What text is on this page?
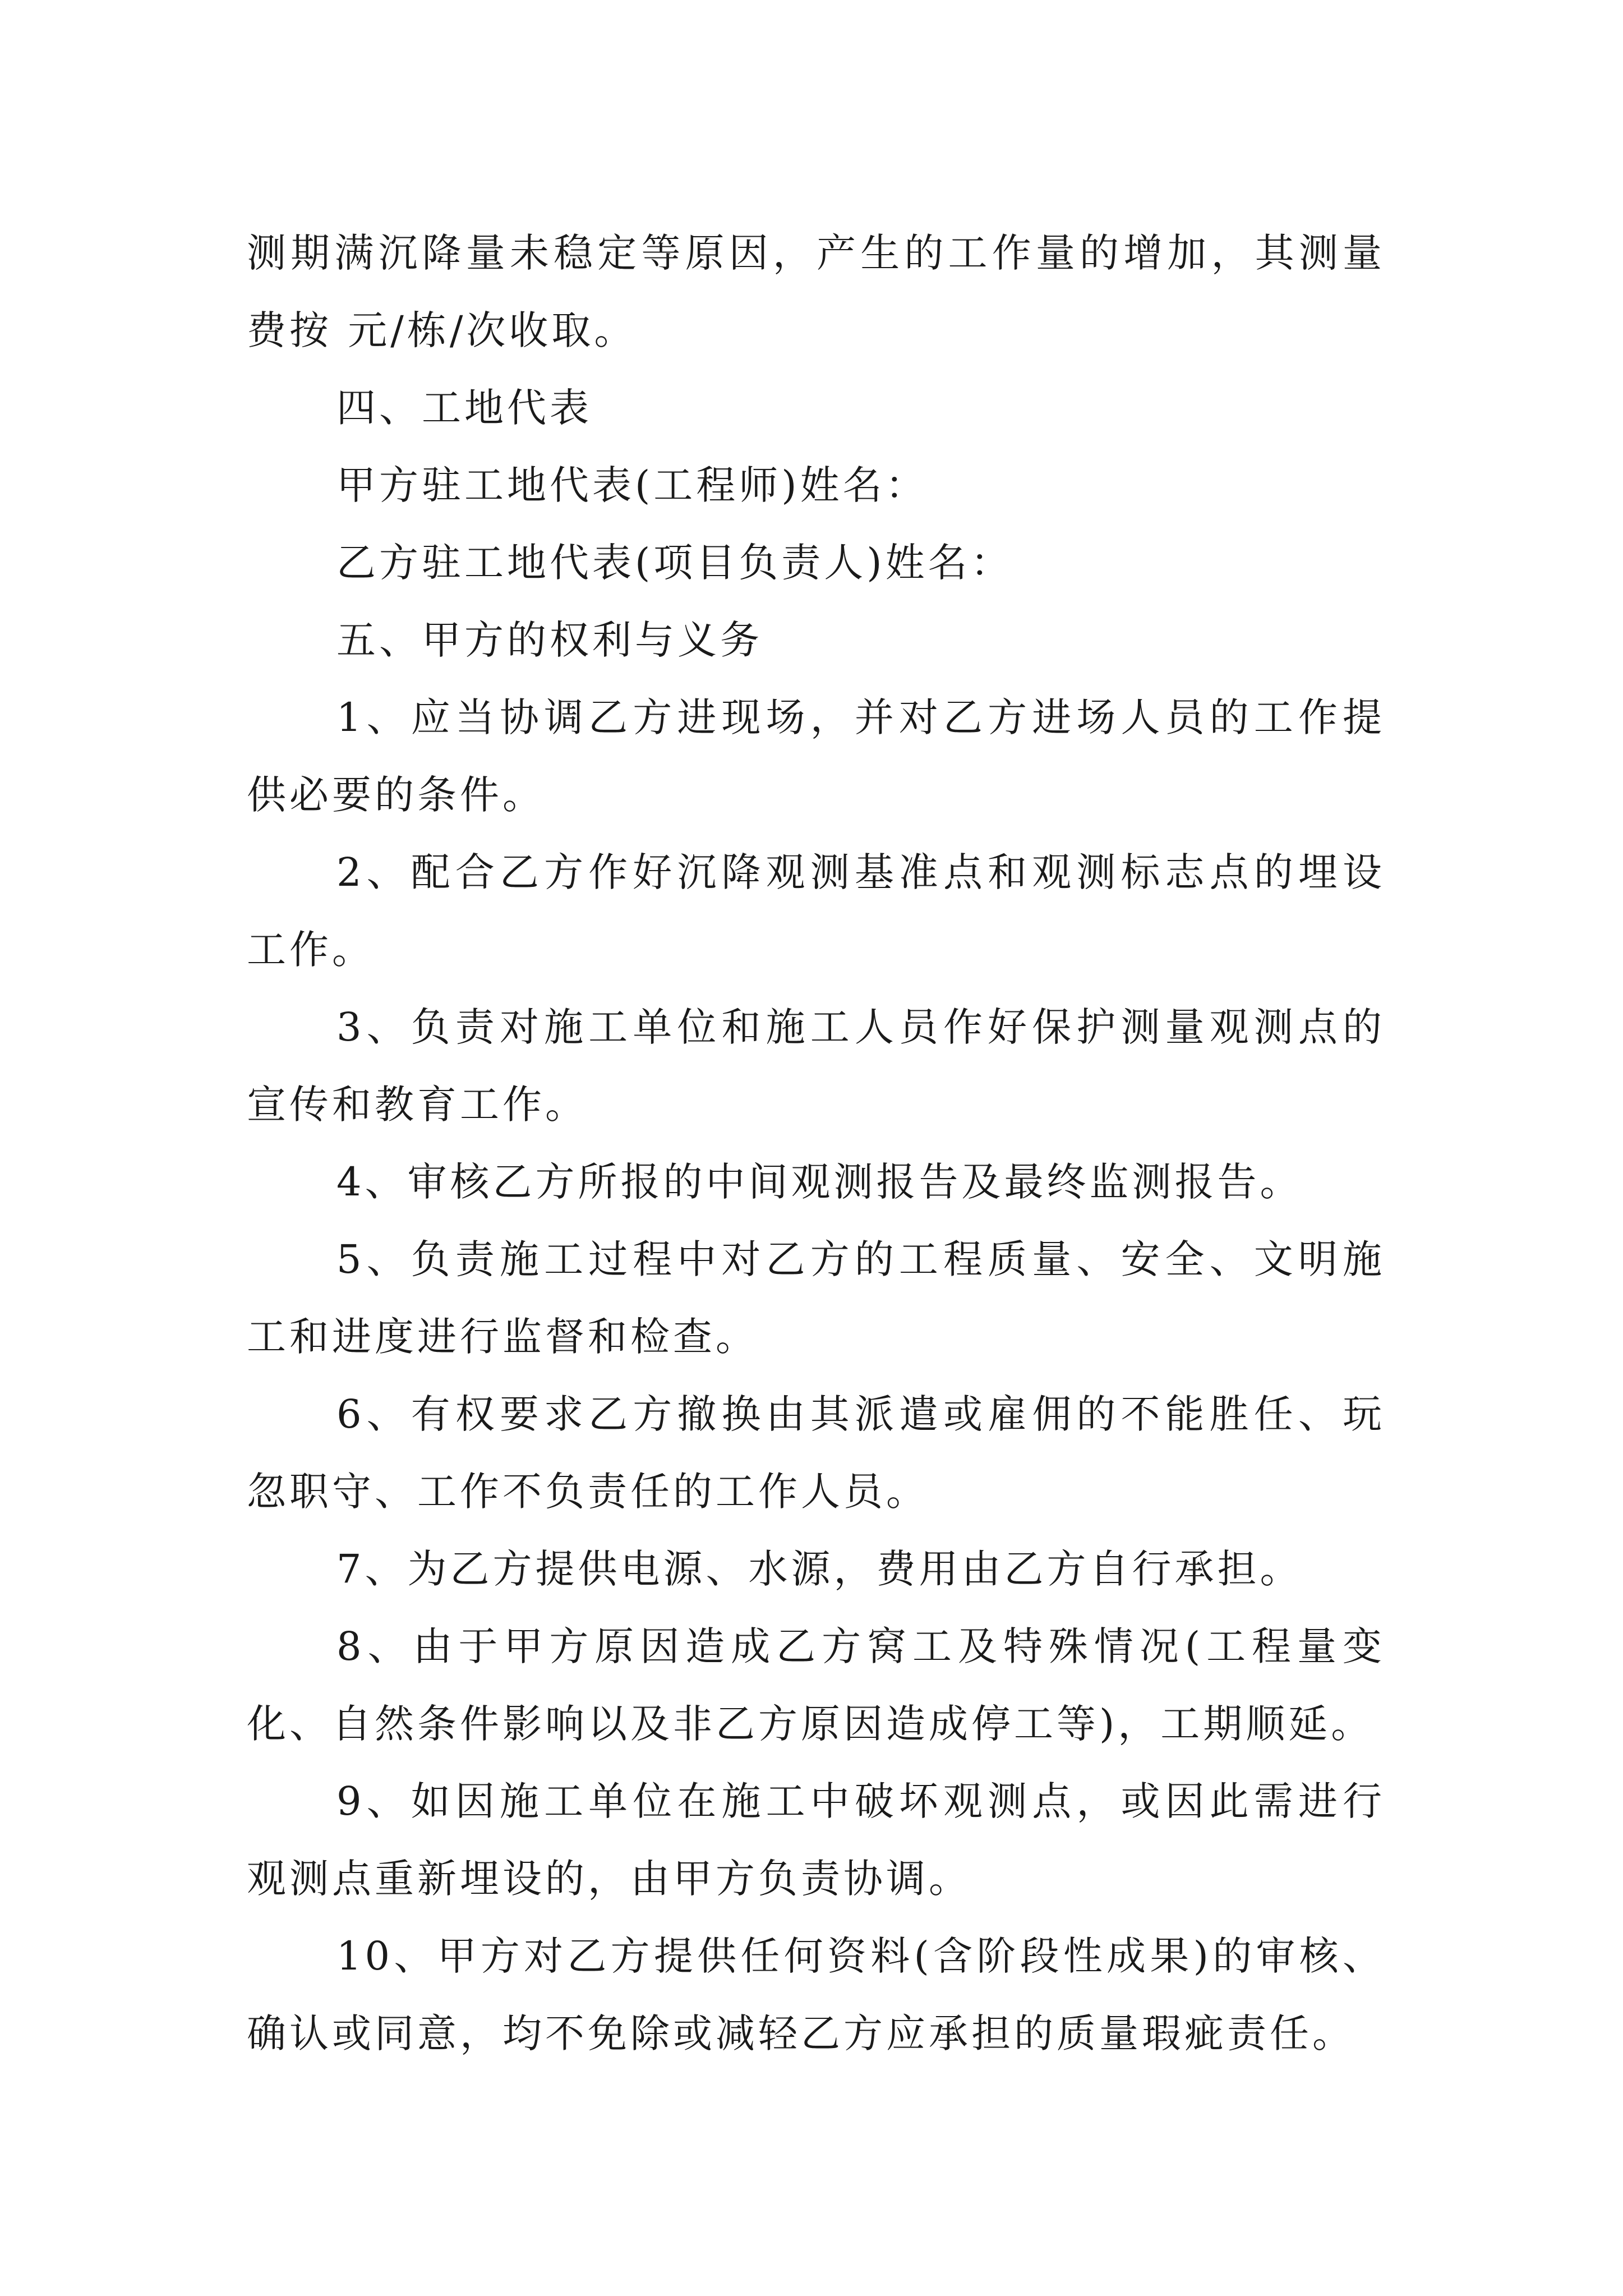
测期满沉降量未稳定等原因，产生的工作量的增加，其测量费按 元/栋/次收取。

四、工地代表

甲方驻工地代表(工程师)姓名：

乙方驻工地代表(项目负责人)姓名：

五、甲方的权利与义务

1、应当协调乙方进现场，并对乙方进场人员的工作提供必要的条件。

2、配合乙方作好沉降观测基准点和观测标志点的埋设工作。

3、负责对施工单位和施工人员作好保护测量观测点的宣传和教育工作。

4、审核乙方所报的中间观测报告及最终监测报告。

5、负责施工过程中对乙方的工程质量、安全、文明施工和进度进行监督和检查。

6、有权要求乙方撤换由其派遣或雇佣的不能胜任、玩忽职守、工作不负责任的工作人员。

7、为乙方提供电源、水源，费用由乙方自行承担。

8、由于甲方原因造成乙方窝工及特殊情况(工程量变化、自然条件影响以及非乙方原因造成停工等)，工期顺延。

9、如因施工单位在施工中破坏观测点，或因此需进行观测点重新埋设的，由甲方负责协调。

10、甲方对乙方提供任何资料(含阶段性成果)的审核、确认或同意，均不免除或减轻乙方应承担的质量瑕疵责任。
